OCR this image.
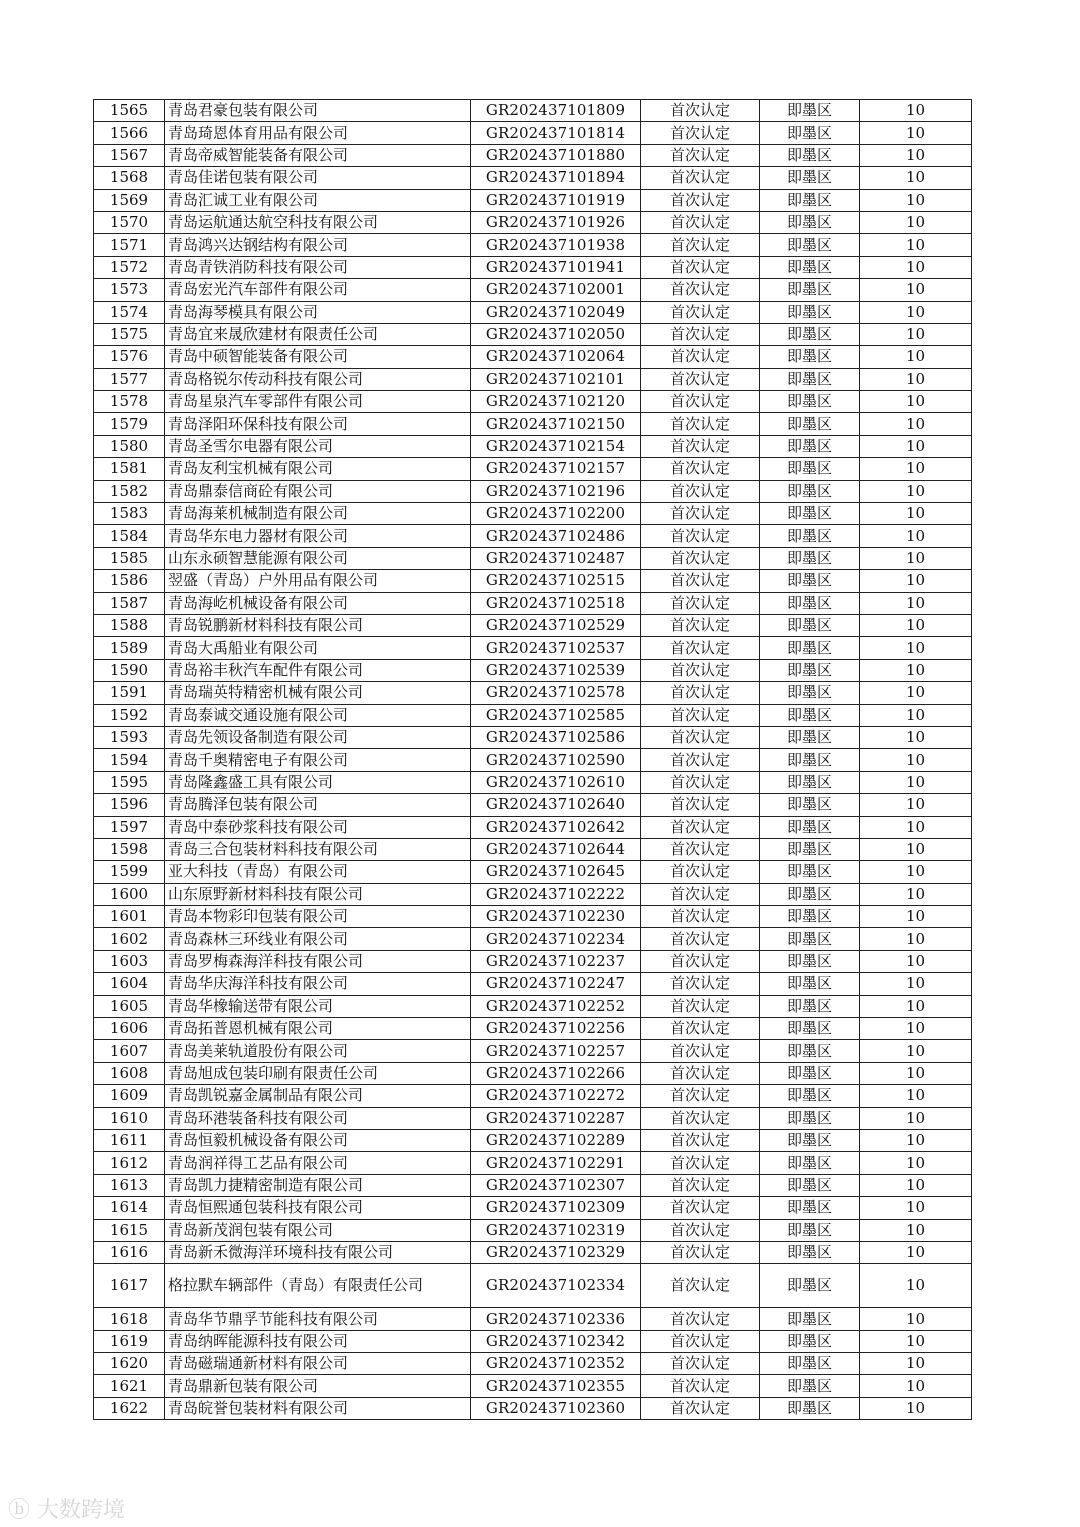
1565	青岛君豪包装有限公司	GR202437101809	首次认定	即墨区	10
1566	青岛琦恩体育用品有限公司	GR202437101814	首次认定	即墨区	10
1567	青岛帝威智能装备有限公司	GR202437101880	首次认定	即墨区	10
1568	青岛佳诺包装有限公司	GR202437101894	首次认定	即墨区	10
1569	青岛汇诚工业有限公司	GR202437101919	首次认定	即墨区	10
1570	青岛运航通达航空科技有限公司	GR202437101926	首次认定	即墨区	10
1571	青岛鸿兴达钢结构有限公司	GR202437101938	首次认定	即墨区	10
1572	青岛青铁消防科技有限公司	GR202437101941	首次认定	即墨区	10
1573	青岛宏光汽车部件有限公司	GR202437102001	首次认定	即墨区	10
1574	青岛海琴模具有限公司	GR202437102049	首次认定	即墨区	10
1575	青岛宜来晟欣建材有限责任公司	GR202437102050	首次认定	即墨区	10
1576	青岛中硕智能装备有限公司	GR202437102064	首次认定	即墨区	10
1577	青岛格锐尔传动科技有限公司	GR202437102101	首次认定	即墨区	10
1578	青岛星泉汽车零部件有限公司	GR202437102120	首次认定	即墨区	10
1579	青岛泽阳环保科技有限公司	GR202437102150	首次认定	即墨区	10
1580	青岛圣雪尔电器有限公司	GR202437102154	首次认定	即墨区	10
1581	青岛友利宝机械有限公司	GR202437102157	首次认定	即墨区	10
1582	青岛鼎泰信商砼有限公司	GR202437102196	首次认定	即墨区	10
1583	青岛海莱机械制造有限公司	GR202437102200	首次认定	即墨区	10
1584	青岛华东电力器材有限公司	GR202437102486	首次认定	即墨区	10
1585	山东永硕智慧能源有限公司	GR202437102487	首次认定	即墨区	10
1586	翌盛（青岛）户外用品有限公司	GR202437102515	首次认定	即墨区	10
1587	青岛海屹机械设备有限公司	GR202437102518	首次认定	即墨区	10
1588	青岛锐鹏新材料科技有限公司	GR202437102529	首次认定	即墨区	10
1589	青岛大禹船业有限公司	GR202437102537	首次认定	即墨区	10
1590	青岛裕丰秋汽车配件有限公司	GR202437102539	首次认定	即墨区	10
1591	青岛瑞英特精密机械有限公司	GR202437102578	首次认定	即墨区	10
1592	青岛泰诚交通设施有限公司	GR202437102585	首次认定	即墨区	10
1593	青岛先领设备制造有限公司	GR202437102586	首次认定	即墨区	10
1594	青岛千奥精密电子有限公司	GR202437102590	首次认定	即墨区	10
1595	青岛隆鑫盛工具有限公司	GR202437102610	首次认定	即墨区	10
1596	青岛腾泽包装有限公司	GR202437102640	首次认定	即墨区	10
1597	青岛中泰砂浆科技有限公司	GR202437102642	首次认定	即墨区	10
1598	青岛三合包装材料科技有限公司	GR202437102644	首次认定	即墨区	10
1599	亚大科技（青岛）有限公司	GR202437102645	首次认定	即墨区	10
1600	山东原野新材料科技有限公司	GR202437102222	首次认定	即墨区	10
1601	青岛本物彩印包装有限公司	GR202437102230	首次认定	即墨区	10
1602	青岛森林三环线业有限公司	GR202437102234	首次认定	即墨区	10
1603	青岛罗梅森海洋科技有限公司	GR202437102237	首次认定	即墨区	10
1604	青岛华庆海洋科技有限公司	GR202437102247	首次认定	即墨区	10
1605	青岛华橡输送带有限公司	GR202437102252	首次认定	即墨区	10
1606	青岛拓普恩机械有限公司	GR202437102256	首次认定	即墨区	10
1607	青岛美莱轨道股份有限公司	GR202437102257	首次认定	即墨区	10
1608	青岛旭成包装印刷有限责任公司	GR202437102266	首次认定	即墨区	10
1609	青岛凯锐嘉金属制品有限公司	GR202437102272	首次认定	即墨区	10
1610	青岛环港装备科技有限公司	GR202437102287	首次认定	即墨区	10
1611	青岛恒毅机械设备有限公司	GR202437102289	首次认定	即墨区	10
1612	青岛润祥得工艺品有限公司	GR202437102291	首次认定	即墨区	10
1613	青岛凯力捷精密制造有限公司	GR202437102307	首次认定	即墨区	10
1614	青岛恒熙通包装科技有限公司	GR202437102309	首次认定	即墨区	10
1615	青岛新茂润包装有限公司	GR202437102319	首次认定	即墨区	10
1616	青岛新禾微海洋环境科技有限公司	GR202437102329	首次认定	即墨区	10
1617	格拉默车辆部件（青岛）有限责任公司	GR202437102334	首次认定	即墨区	10
1618	青岛华节鼎孚节能科技有限公司	GR202437102336	首次认定	即墨区	10
1619	青岛纳晖能源科技有限公司	GR202437102342	首次认定	即墨区	10
1620	青岛磁瑞通新材料有限公司	GR202437102352	首次认定	即墨区	10
1621	青岛鼎新包装有限公司	GR202437102355	首次认定	即墨区	10
1622	青岛皖誉包装材料有限公司	GR202437102360	首次认定	即墨区	10
ⓑ 大数跨境
